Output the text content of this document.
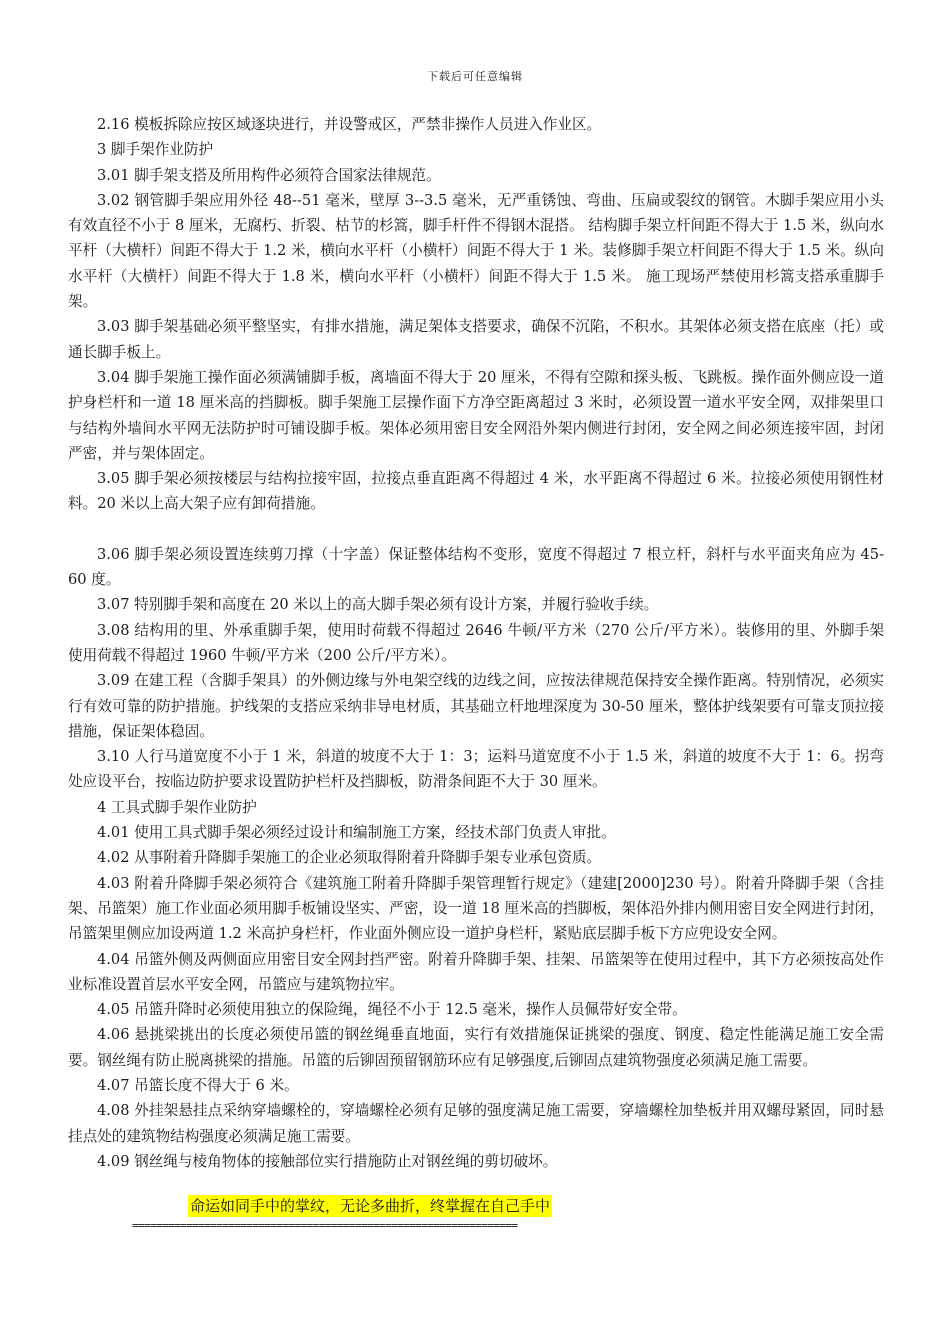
下载后可任意编辑

2.16 模板拆除应按区域逐块进行，并设警戒区，严禁非操作人员进入作业区。

3 脚手架作业防护

3.01 脚手架支搭及所用构件必须符合国家法律规范。

3.02 钢管脚手架应用外径 48--51 毫米，壁厚 3--3.5 毫米，无严重锈蚀、弯曲、压扁或裂纹的钢管。木脚手架应用小头有效直径不小于 8 厘米，无腐朽、折裂、枯节的杉篙，脚手杆件不得钢木混搭。 结构脚手架立杆间距不得大于 1.5 米，纵向水平杆（大横杆）间距不得大于 1.2 米，横向水平杆（小横杆）间距不得大于 1 米。装修脚手架立杆间距不得大于 1.5 米。纵向水平杆（大横杆）间距不得大于 1.8 米，横向水平杆（小横杆）间距不得大于 1.5 米。 施工现场严禁使用杉篙支搭承重脚手架。

3.03 脚手架基础必须平整坚实，有排水措施，满足架体支搭要求，确保不沉陷，不积水。其架体必须支搭在底座（托）或通长脚手板上。

3.04 脚手架施工操作面必须满铺脚手板，离墙面不得大于 20 厘米，不得有空隙和探头板、飞跳板。操作面外侧应设一道护身栏杆和一道 18 厘米高的挡脚板。脚手架施工层操作面下方净空距离超过 3 米时，必须设置一道水平安全网，双排架里口与结构外墙间水平网无法防护时可铺设脚手板。架体必须用密目安全网沿外架内侧进行封闭，安全网之间必须连接牢固，封闭严密，并与架体固定。

3.05 脚手架必须按楼层与结构拉接牢固，拉接点垂直距离不得超过 4 米，水平距离不得超过 6 米。拉接必须使用钢性材料。20 米以上高大架子应有卸荷措施。

3.06 脚手架必须设置连续剪刀撑（十字盖）保证整体结构不变形，宽度不得超过 7 根立杆，斜杆与水平面夹角应为 45-60 度。

3.07 特别脚手架和高度在 20 米以上的高大脚手架必须有设计方案，并履行验收手续。

3.08 结构用的里、外承重脚手架，使用时荷载不得超过 2646 牛顿/平方米（270 公斤/平方米）。装修用的里、外脚手架使用荷载不得超过 1960 牛顿/平方米（200 公斤/平方米）。

3.09 在建工程（含脚手架具）的外侧边缘与外电架空线的边线之间，应按法律规范保持安全操作距离。特别情况，必须实行有效可靠的防护措施。护线架的支搭应采纳非导电材质，其基础立杆地埋深度为 30-50 厘米，整体护线架要有可靠支顶拉接措施，保证架体稳固。

3.10 人行马道宽度不小于 1 米，斜道的坡度不大于 1：3；运料马道宽度不小于 1.5 米，斜道的坡度不大于 1：6。拐弯处应设平台，按临边防护要求设置防护栏杆及挡脚板，防滑条间距不大于 30 厘米。

4 工具式脚手架作业防护

4.01 使用工具式脚手架必须经过设计和编制施工方案，经技术部门负责人审批。

4.02 从事附着升降脚手架施工的企业必须取得附着升降脚手架专业承包资质。

4.03 附着升降脚手架必须符合《建筑施工附着升降脚手架管理暂行规定》（建建[2000]230 号）。附着升降脚手架（含挂架、吊篮架）施工作业面必须用脚手板铺设坚实、严密，设一道 18 厘米高的挡脚板，架体沿外排内侧用密目安全网进行封闭，吊篮架里侧应加设两道 1.2 米高护身栏杆，作业面外侧应设一道护身栏杆，紧贴底层脚手板下方应兜设安全网。

4.04 吊篮外侧及两侧面应用密目安全网封挡严密。附着升降脚手架、挂架、吊篮架等在使用过程中，其下方必须按高处作业标准设置首层水平安全网，吊篮应与建筑物拉牢。

4.05 吊篮升降时必须使用独立的保险绳，绳径不小于 12.5 毫米，操作人员佩带好安全带。

4.06 悬挑梁挑出的长度必须使吊篮的钢丝绳垂直地面，实行有效措施保证挑梁的强度、钢度、稳定性能满足施工安全需要。钢丝绳有防止脱离挑梁的措施。吊篮的后铆固预留钢筋环应有足够强度,后铆固点建筑物强度必须满足施工需要。

4.07 吊篮长度不得大于 6 米。

4.08 外挂架悬挂点采纳穿墙螺栓的，穿墙螺栓必须有足够的强度满足施工需要，穿墙螺栓加垫板并用双螺母紧固，同时悬挂点处的建筑物结构强度必须满足施工需要。

4.09 钢丝绳与棱角物体的接触部位实行措施防止对钢丝绳的剪切破坏。

命运如同手中的掌纹，无论多曲折，终掌握在自己手中
================================================================
